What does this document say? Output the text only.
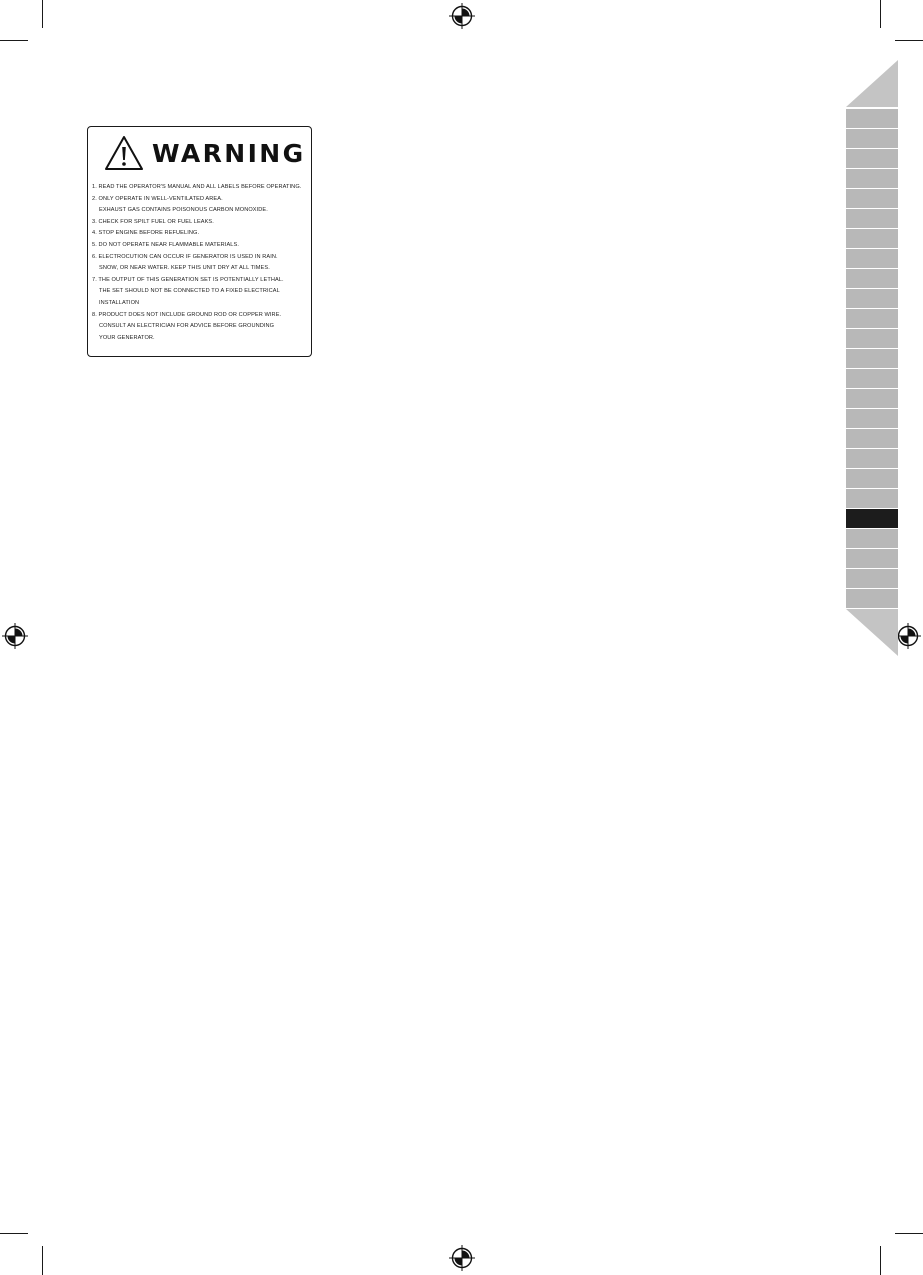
WARNING
1. READ THE OPERATOR'S MANUAL AND ALL LABELS BEFORE OPERATING.
2. ONLY OPERATE IN WELL-VENTILATED AREA.
EXHAUST GAS CONTAINS POISONOUS CARBON MONOXIDE.
3. CHECK FOR SPILT FUEL OR FUEL LEAKS.
4. STOP ENGINE BEFORE REFUELING.
5. DO NOT OPERATE NEAR FLAMMABLE MATERIALS.
6. ELECTROCUTION CAN OCCUR IF GENERATOR IS USED IN RAIN.
SNOW, OR NEAR WATER. KEEP THIS UNIT DRY AT ALL TIMES.
7. THE OUTPUT OF THIS GENERATION SET IS POTENTIALLY LETHAL.
THE SET SHOULD NOT BE CONNECTED TO A FIXED ELECTRICAL
INSTALLATION
8. PRODUCT DOES NOT INCLUDE GROUND ROD OR COPPER WIRE.
CONSULT AN ELECTRICIAN FOR ADVICE BEFORE GROUNDING
YOUR GENERATOR.
